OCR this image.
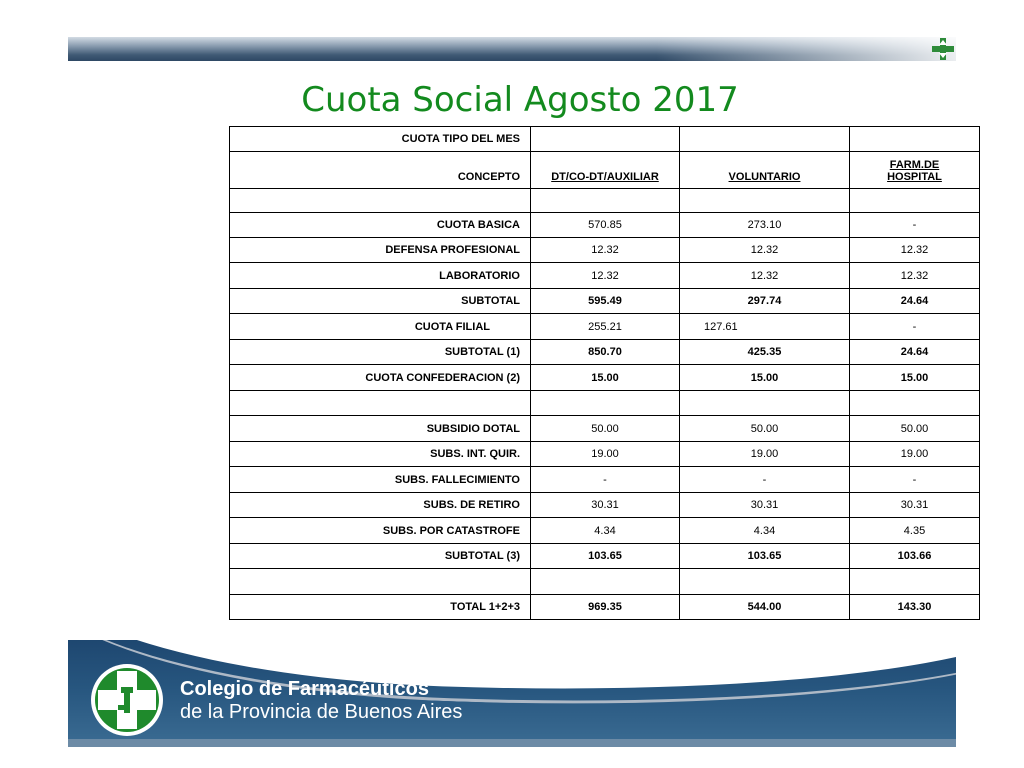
Cuota Social Agosto 2017
CUOTA TIPO DEL MES			
CONCEPTO	DT/CO-DT/AUXILIAR	VOLUNTARIO	FARM.DE
HOSPITAL

CUOTA BASICA	570.85	273.10	-
DEFENSA PROFESIONAL	12.32	12.32	12.32
LABORATORIO	12.32	12.32	12.32
SUBTOTAL	595.49	297.74	24.64
CUOTA FILIAL	255.21	127.61	-
SUBTOTAL (1)	850.70	425.35	24.64
CUOTA CONFEDERACION (2)	15.00	15.00	15.00

SUBSIDIO DOTAL	50.00	50.00	50.00
SUBS. INT. QUIR.	19.00	19.00	19.00
SUBS. FALLECIMIENTO	-	-	-
SUBS. DE RETIRO	30.31	30.31	30.31
SUBS. POR CATASTROFE	4.34	4.34	4.35
SUBTOTAL (3)	103.65	103.65	103.66

TOTAL 1+2+3	969.35	544.00	143.30
Colegio de Farmacéuticos
de la Provincia de Buenos Aires
